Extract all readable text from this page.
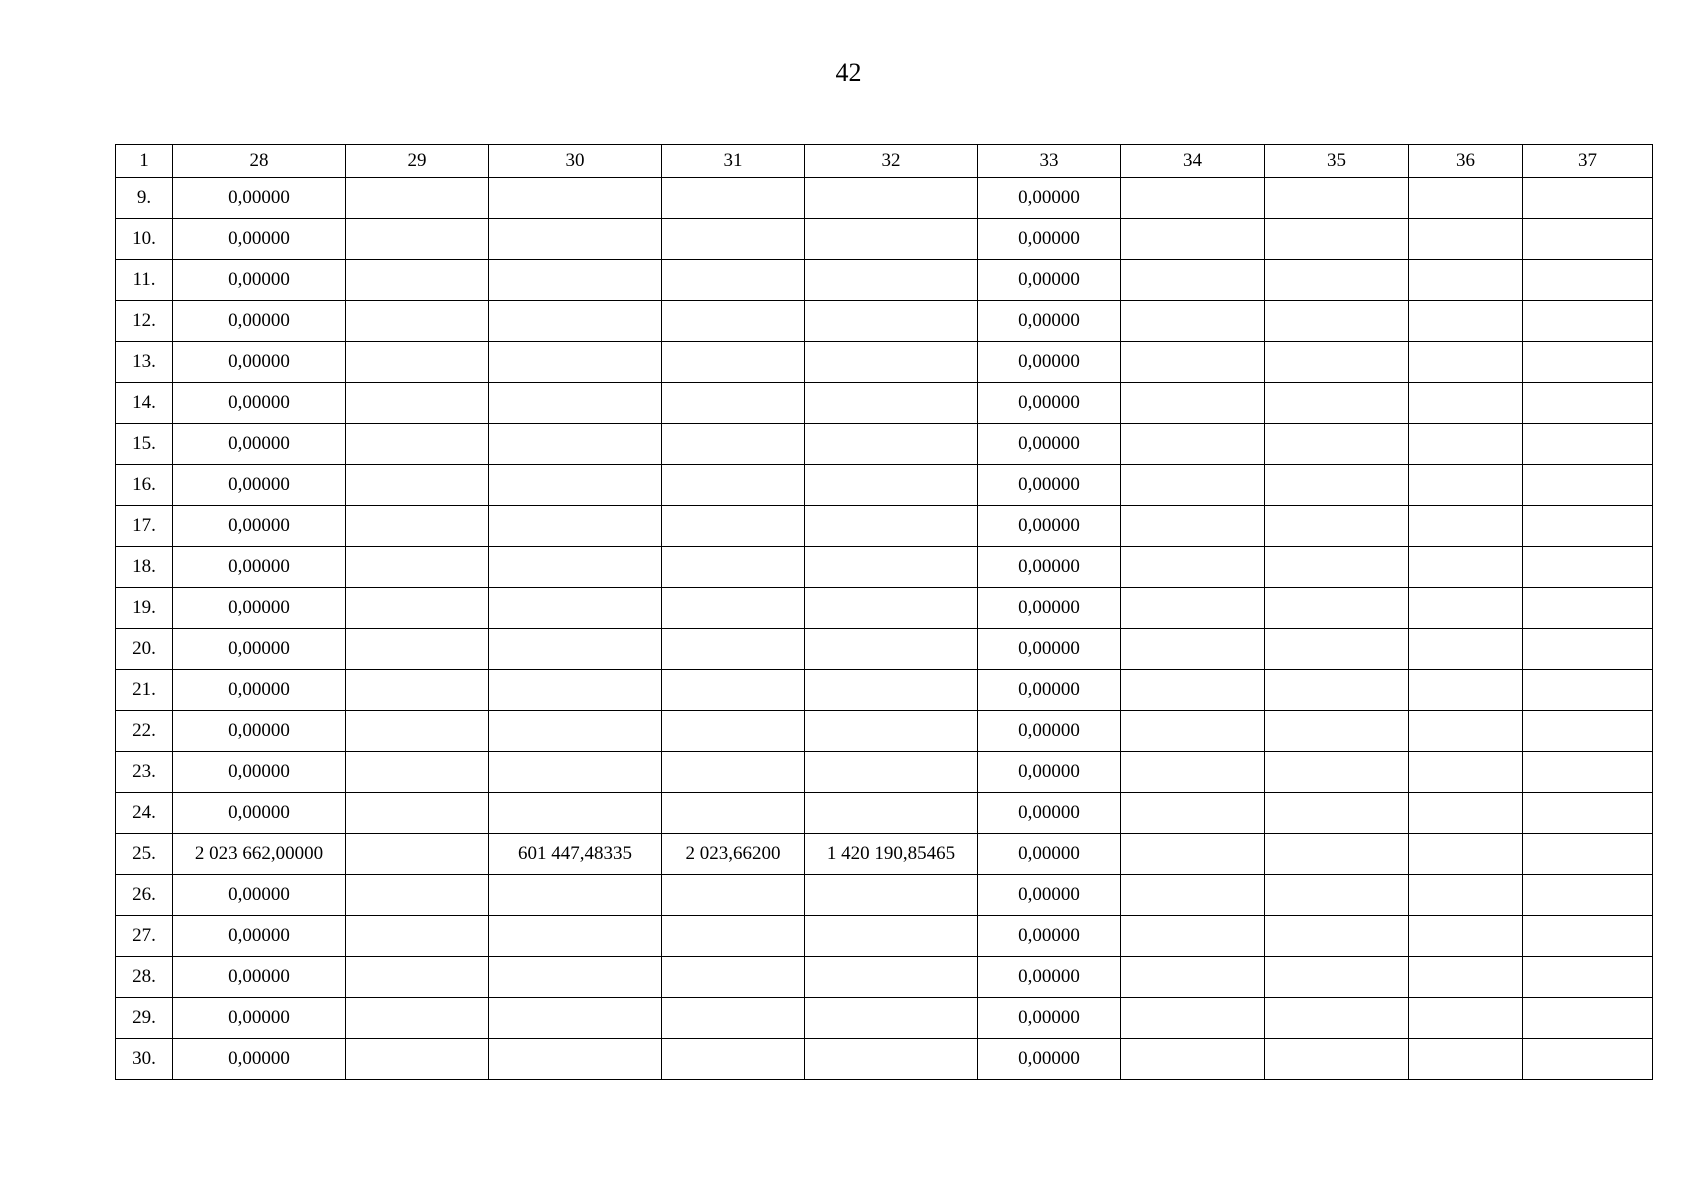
42
1	28	29	30	31	32	33	34	35	36	37
9.	0,00000					0,00000				
10.	0,00000					0,00000				
11.	0,00000					0,00000				
12.	0,00000					0,00000				
13.	0,00000					0,00000				
14.	0,00000					0,00000				
15.	0,00000					0,00000				
16.	0,00000					0,00000				
17.	0,00000					0,00000				
18.	0,00000					0,00000				
19.	0,00000					0,00000				
20.	0,00000					0,00000				
21.	0,00000					0,00000				
22.	0,00000					0,00000				
23.	0,00000					0,00000				
24.	0,00000					0,00000				
25.	2 023 662,00000		601 447,48335	2 023,66200	1 420 190,85465	0,00000				
26.	0,00000					0,00000				
27.	0,00000					0,00000				
28.	0,00000					0,00000				
29.	0,00000					0,00000				
30.	0,00000					0,00000				
